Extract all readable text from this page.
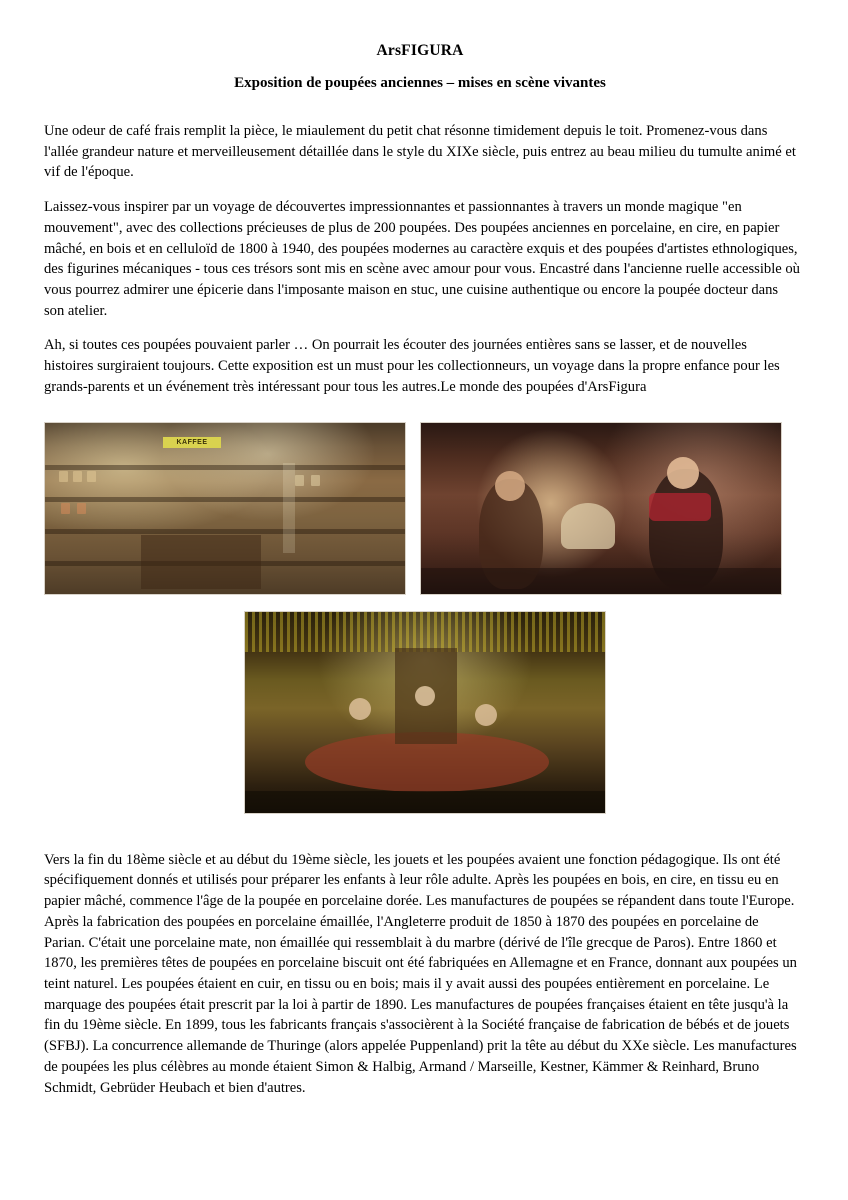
ArsFIGURA
Exposition de poupées anciennes – mises en scène vivantes

Une odeur de café frais remplit la pièce, le miaulement du petit chat résonne timidement depuis le toit. Promenez-vous dans l'allée grandeur nature et merveilleusement détaillée dans le style du XIXe siècle, puis entrez au beau milieu du tumulte animé et vif de l'époque.

Laissez-vous inspirer par un voyage de découvertes impressionnantes et passionnantes à travers un monde magique "en mouvement", avec des collections précieuses de plus de 200 poupées. Des poupées anciennes en porcelaine, en cire, en papier mâché, en bois et en celluloïd de 1800 à 1940, des poupées modernes au caractère exquis et des poupées d'artistes ethnologiques, des figurines mécaniques - tous ces trésors sont mis en scène avec amour pour vous. Encastré dans l'ancienne ruelle accessible où vous pourrez admirer une épicerie dans l'imposante maison en stuc, une cuisine authentique ou encore la poupée docteur dans son atelier.

Ah, si toutes ces poupées pouvaient parler … On pourrait les écouter des journées entières sans se lasser, et de nouvelles histoires surgiraient toujours. Cette exposition est un must pour les collectionneurs, un voyage dans la propre enfance pour les grands-parents et un événement très intéressant pour tous les autres.Le monde des poupées d'ArsFigura

KAFFEE

Vers la fin du 18ème siècle et au début du 19ème siècle, les jouets et les poupées avaient une fonction pédagogique. Ils ont été spécifiquement donnés et utilisés pour préparer les enfants à leur rôle adulte. Après les poupées en bois, en cire, en tissu eu en papier mâché, commence l'âge de la poupée en porcelaine dorée. Les manufactures de poupées se répandent dans toute l'Europe. Après la fabrication des poupées en porcelaine émaillée, l'Angleterre produit de 1850 à 1870 des poupées en porcelaine de Parian. C'était une porcelaine mate, non émaillée qui ressemblait à du marbre (dérivé de l'île grecque de Paros). Entre 1860 et 1870, les premières têtes de poupées en porcelaine biscuit ont été fabriquées en Allemagne et en France, donnant aux poupées un teint naturel. Les poupées étaient en cuir, en tissu ou en bois; mais il y avait aussi des poupées entièrement en porcelaine. Le marquage des poupées était prescrit par la loi à partir de 1890. Les manufactures de poupées françaises étaient en tête jusqu'à la fin du 19ème siècle. En 1899, tous les fabricants français s'associèrent à la Société française de fabrication de bébés et de jouets (SFBJ). La concurrence allemande de Thuringe (alors appelée Puppenland) prit la tête au début du XXe siècle. Les manufactures de poupées les plus célèbres au monde étaient Simon & Halbig, Armand / Marseille, Kestner, Kämmer & Reinhard, Bruno Schmidt, Gebrüder Heubach et bien d'autres.
